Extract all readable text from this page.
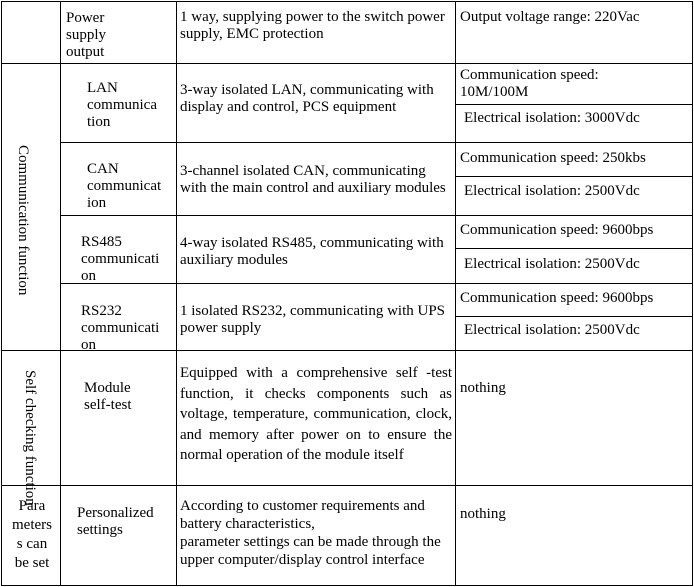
Power
supply
output
1 way, supplying power to the switch power supply, EMC protection
Output voltage range: 220Vac
Communication function
LAN
communica
tion
3-way isolated LAN, communicating with display and control, PCS equipment
Communication speed: 10M/100M
Electrical isolation: 3000Vdc
CAN
communicat
ion
3-channel isolated CAN, communicating with the main control and auxiliary modules
Communication speed: 250kbs
Electrical isolation: 2500Vdc
RS485
communicati
on
4-way isolated RS485, communicating with auxiliary modules
Communication speed: 9600bps
Electrical isolation: 2500Vdc
RS232
communicati
on
1 isolated RS232, communicating with UPS power supply
Communication speed: 9600bps
Electrical isolation: 2500Vdc
Self checking function	Module
self-test
Equipped with a comprehensive self -test function, it checks components such as voltage, temperature, communication, clock, and memory after power on to ensure the normal operation of the module itself
nothing
Para
meters
s can
be set
Personalized
settings
According to customer requirements and battery characteristics,
parameter settings can be made through the upper computer/display control interface
nothing
